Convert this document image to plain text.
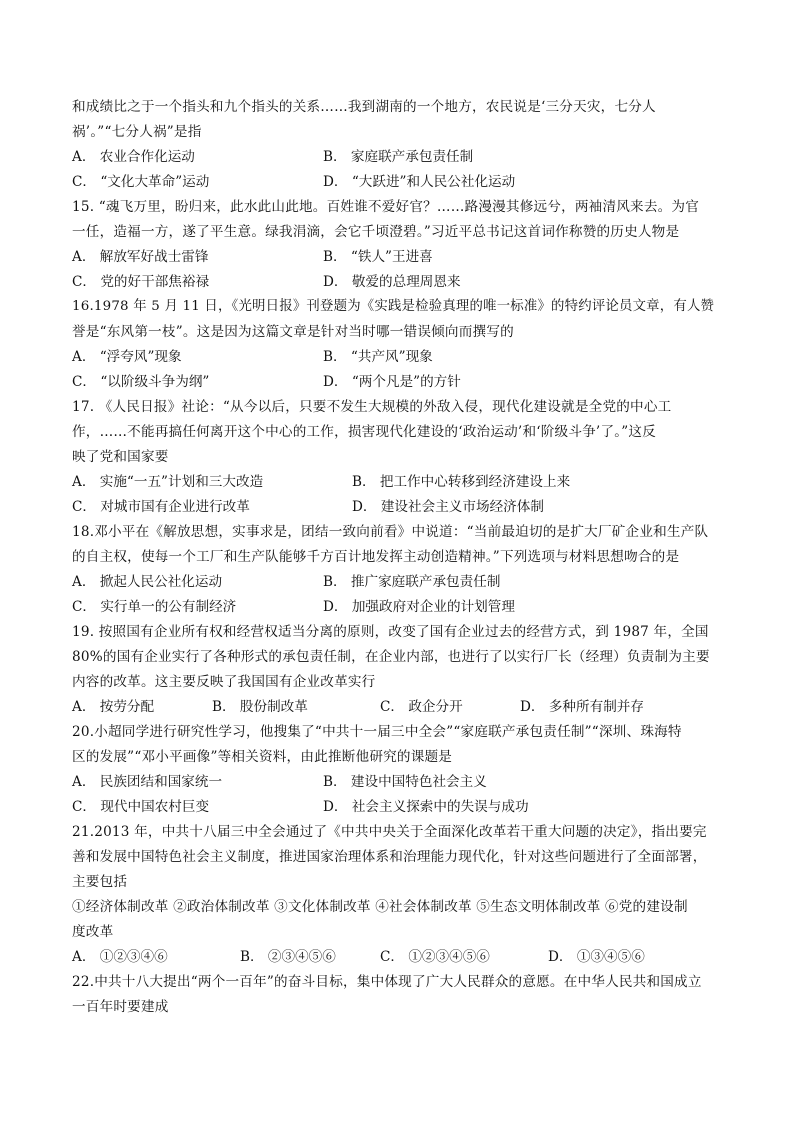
和成绩比之于一个指头和九个指头的关系……我到湖南的一个地方，农民说是‘三分天灾，七分人
祸’。”“七分人祸”是指
A． 农业合作化运动	B． 家庭联产承包责任制
C． “文化大革命”运动	D． “大跃进”和人民公社化运动
15. “魂飞万里，盼归来，此水此山此地。百姓谁不爱好官？……路漫漫其修远兮，两袖清风来去。为官
一任，造福一方，遂了平生意。绿我涓滴，会它千顷澄碧。”习近平总书记这首词作称赞的历史人物是
A． 解放军好战士雷锋	B． “铁人”王进喜
C． 党的好干部焦裕禄	D． 敬爱的总理周恩来
16.1978 年 5 月 11 日，《光明日报》刊登题为《实践是检验真理的唯一标准》的特约评论员文章，有人赞
誉是“东风第一枝”。这是因为这篇文章是针对当时哪一错误倾向而撰写的
A． “浮夸风”现象	B． “共产风”现象
C． “以阶级斗争为纲”	D． “两个凡是”的方针
17. 《人民日报》社论：“从今以后，只要不发生大规模的外敌入侵，现代化建设就是全党的中心工
作，……不能再搞任何离开这个中心的工作，损害现代化建设的‘政治运动’和‘阶级斗争’了。”这反
映了党和国家要
A． 实施“一五”计划和三大改造	B． 把工作中心转移到经济建设上来
C． 对城市国有企业进行改革	D． 建设社会主义市场经济体制
18.邓小平在《解放思想，实事求是，团结一致向前看》中说道：“当前最迫切的是扩大厂矿企业和生产队
的自主权，使每一个工厂和生产队能够千方百计地发挥主动创造精神。”下列选项与材料思想吻合的是
A． 掀起人民公社化运动	B． 推广家庭联产承包责任制
C． 实行单一的公有制经济	D． 加强政府对企业的计划管理
19. 按照国有企业所有权和经营权适当分离的原则，改变了国有企业过去的经营方式，到 1987 年，全国
80%的国有企业实行了各种形式的承包责任制，在企业内部，也进行了以实行厂长（经理）负责制为主要
内容的改革。这主要反映了我国国有企业改革实行
A． 按劳分配	B． 股份制改革	C． 政企分开	D． 多种所有制并存
20.小超同学进行研究性学习，他搜集了“中共十一届三中全会”“家庭联产承包责任制”“深圳、珠海特
区的发展”“邓小平画像”等相关资料，由此推断他研究的课题是
A． 民族团结和国家统一	B． 建设中国特色社会主义
C． 现代中国农村巨变	D． 社会主义探索中的失误与成功
21.2013 年，中共十八届三中全会通过了《中共中央关于全面深化改革若干重大问题的决定》，指出要完
善和发展中国特色社会主义制度，推进国家治理体系和治理能力现代化，针对这些问题进行了全面部署，
主要包括
①经济体制改革 ②政治体制改革 ③文化体制改革 ④社会体制改革 ⑤生态文明体制改革 ⑥党的建设制
度改革
A． ①②③④⑥	B． ②③④⑤⑥	C． ①②③④⑤⑥	D． ①③④⑤⑥
22.中共十八大提出“两个一百年”的奋斗目标，集中体现了广大人民群众的意愿。在中华人民共和国成立
一百年时要建成
